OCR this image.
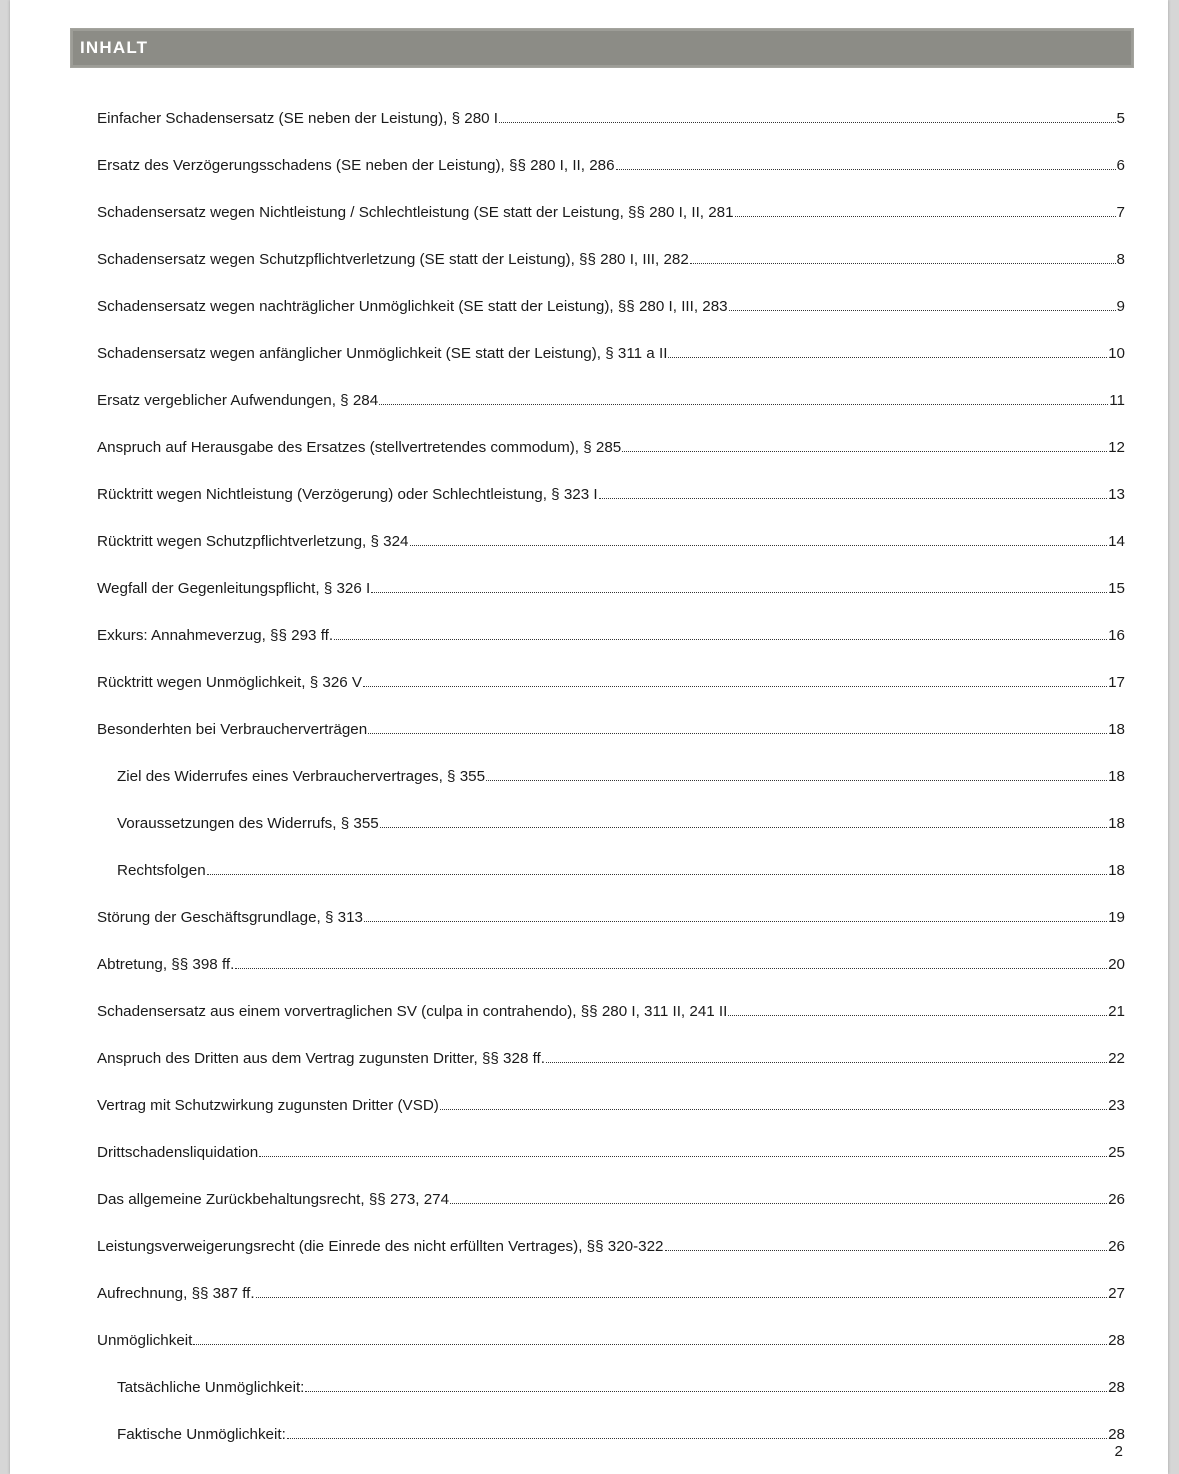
INHALT
Einfacher Schadensersatz (SE neben der Leistung), § 280 I	5
Ersatz des Verzögerungsschadens (SE neben der Leistung), §§ 280 I, II, 286	6
Schadensersatz wegen Nichtleistung / Schlechtleistung (SE statt der Leistung, §§ 280 I, II, 281	7
Schadensersatz wegen Schutzpflichtverletzung (SE statt der Leistung), §§ 280 I, III, 282	8
Schadensersatz wegen nachträglicher Unmöglichkeit (SE statt der Leistung), §§ 280 I, III, 283	9
Schadensersatz wegen anfänglicher Unmöglichkeit (SE statt der Leistung), § 311 a II	10
Ersatz vergeblicher Aufwendungen, § 284	11
Anspruch auf Herausgabe des Ersatzes (stellvertretendes commodum), § 285	12
Rücktritt wegen Nichtleistung (Verzögerung) oder Schlechtleistung, § 323 I	13
Rücktritt wegen Schutzpflichtverletzung, § 324	14
Wegfall der Gegenleitungspflicht, § 326 I	15
Exkurs: Annahmeverzug, §§ 293 ff.	16
Rücktritt wegen Unmöglichkeit, § 326 V	17
Besonderhten bei Verbraucherverträgen	18
Ziel des Widerrufes eines Verbrauchervertrages, § 355	18
Voraussetzungen des Widerrufs, § 355	18
Rechtsfolgen	18
Störung der Geschäftsgrundlage, § 313	19
Abtretung, §§ 398 ff.	20
Schadensersatz aus einem vorvertraglichen SV (culpa in contrahendo), §§ 280 I, 311 II, 241 II	21
Anspruch des Dritten aus dem Vertrag zugunsten Dritter, §§ 328 ff.	22
Vertrag mit Schutzwirkung zugunsten Dritter (VSD)	23
Drittschadensliquidation	25
Das allgemeine Zurückbehaltungsrecht, §§ 273, 274	26
Leistungsverweigerungsrecht (die Einrede des nicht erfüllten Vertrages), §§ 320-322	26
Aufrechnung, §§ 387 ff.	27
Unmöglichkeit	28
Tatsächliche Unmöglichkeit:	28
Faktische Unmöglichkeit:	28
2
